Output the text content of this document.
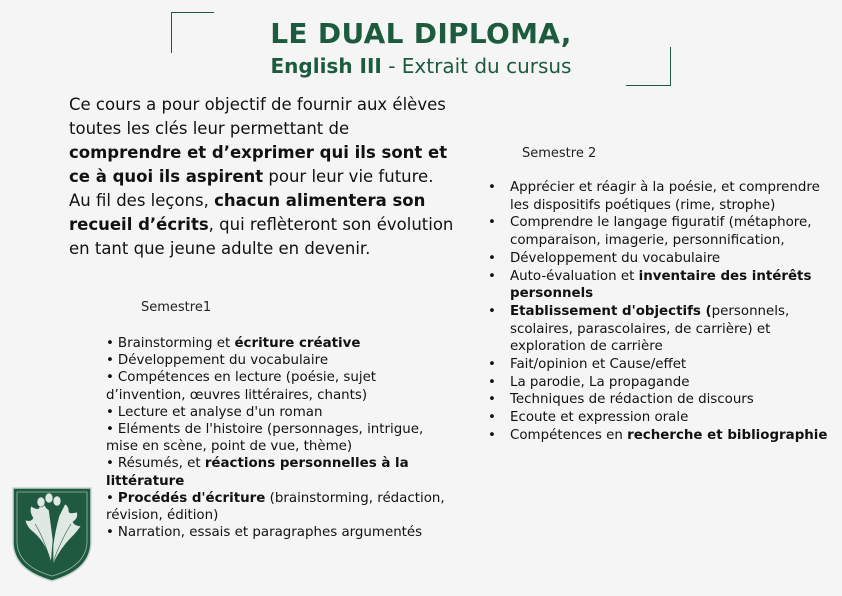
LE DUAL DIPLOMA,
English III - Extrait du cursus
Ce cours a pour objectif de fournir aux élèves toutes les clés leur permettant de comprendre et d’exprimer qui ils sont et ce à quoi ils aspirent pour leur vie future. Au fil des leçons, chacun alimentera son recueil d’écrits, qui reflèteront son évolution en tant que jeune adulte en devenir.
Semestre1
• Brainstorming et écriture créative
• Développement du vocabulaire
• Compétences en lecture (poésie, sujet d’invention, œuvres littéraires, chants)
• Lecture et analyse d'un roman
• Eléments de l'histoire (personnages, intrigue, mise en scène, point de vue, thème)
• Résumés, et réactions personnelles à la littérature
• Procédés d'écriture (brainstorming, rédaction, révision, édition)
• Narration, essais et paragraphes argumentés
Semestre 2
• Apprécier et réagir à la poésie, et comprendre les dispositifs poétiques (rime, strophe)
• Comprendre le langage figuratif (métaphore, comparaison, imagerie, personnification,
• Développement du vocabulaire
• Auto-évaluation et inventaire des intérêts personnels
• Etablissement d'objectifs (personnels, scolaires, parascolaires, de carrière) et exploration de carrière
• Fait/opinion et Cause/effet
• La parodie, La propagande
• Techniques de rédaction de discours
• Ecoute et expression orale
• Compétences en recherche et bibliographie
